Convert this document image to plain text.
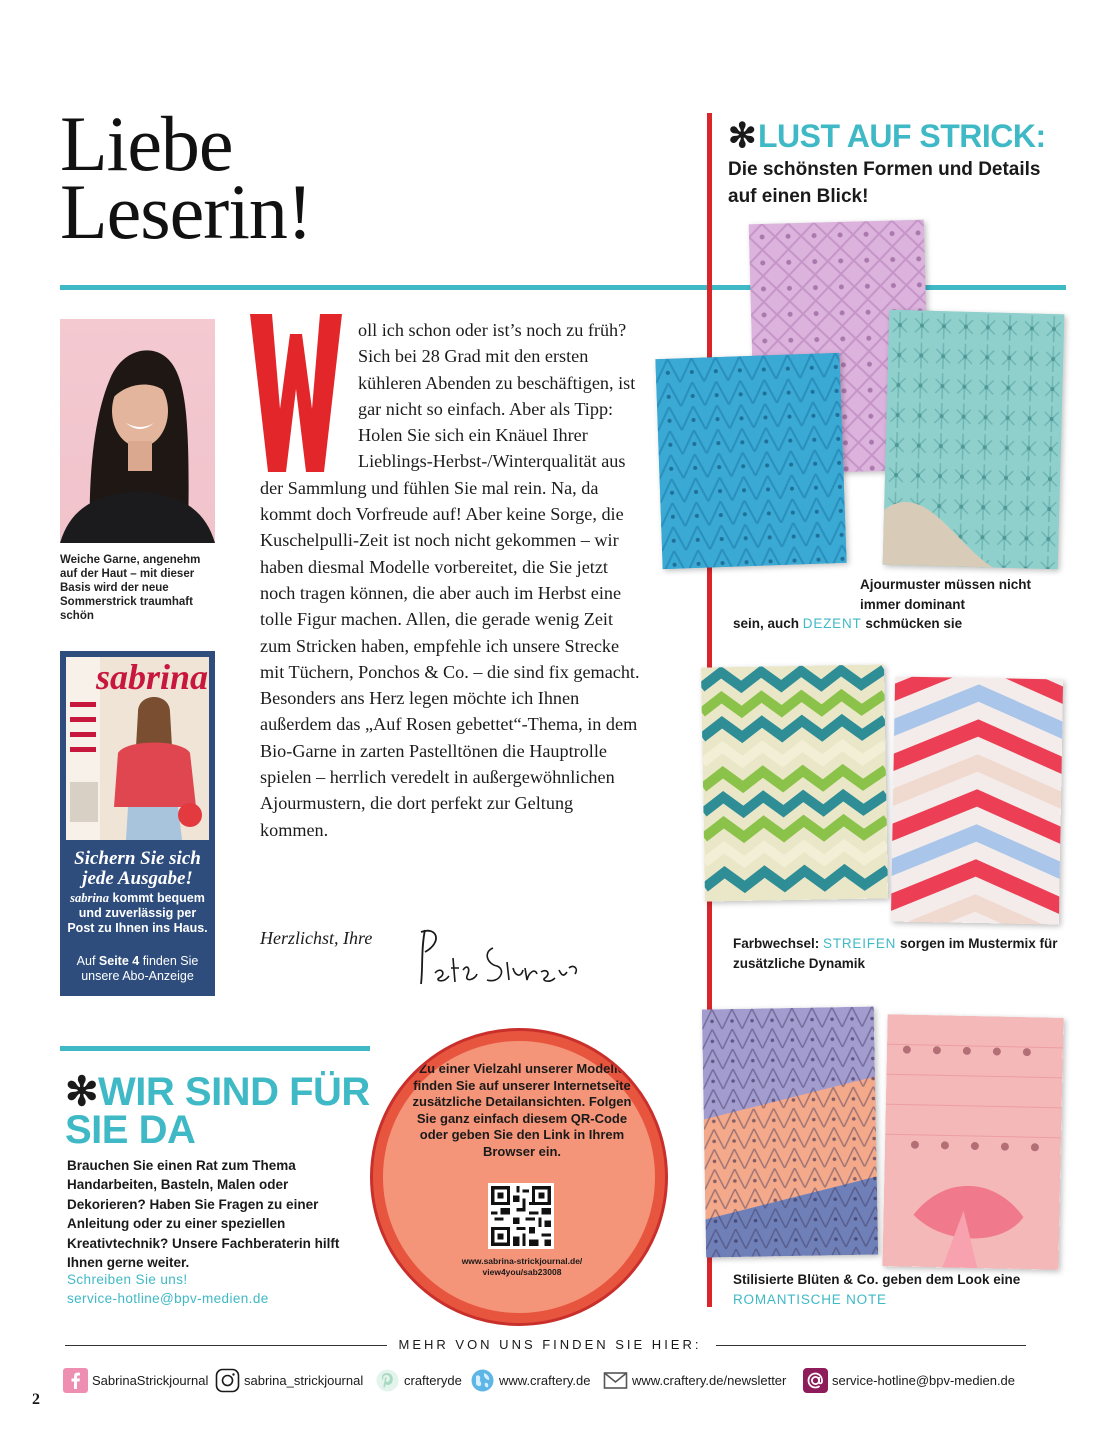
Liebe
Leserin!
✻LUST AUF STRICK:
Die schönsten Formen und Details auf einen Blick!
Weiche Garne, angenehm auf der Haut – mit dieser Basis wird der neue Sommerstrick traumhaft schön
sabrina
Sichern Sie sich jede Ausgabe!
sabrina kommt bequem und zuverlässig per Post zu Ihnen ins Haus.
Auf Seite 4 finden Sie unsere Abo-Anzeige

oll ich schon oder ist’s noch zu früh? Sich bei 28 Grad mit den ersten kühleren Abenden zu beschäftigen, ist gar nicht so einfach. Aber als Tipp: Holen Sie sich ein Knäuel Ihrer Lieblings-Herbst-/Winterqualität aus der Sammlung und fühlen Sie mal rein. Na, da kommt doch Vorfreude auf! Aber keine Sorge, die Kuschelpulli-Zeit ist noch nicht gekommen – wir haben diesmal Modelle vorbereitet, die Sie jetzt noch tragen können, die aber auch im Herbst eine tolle Figur machen. Allen, die gerade wenig Zeit zum Stricken haben, empfehle ich unsere Strecke mit Tüchern, Ponchos & Co. – die sind fix gemacht. Besonders ans Herz legen möchte ich Ihnen außerdem das „Auf Rosen gebettet“-Thema, in dem Bio-Garne in zarten Pastelltönen die Hauptrolle spielen – herrlich veredelt in außergewöhnlichen Ajourmustern, die dort perfekt zur Geltung kommen.

Herzlichst, Ihre
✻WIR SIND FÜR
SIE DA
Brauchen Sie einen Rat zum Thema Handarbeiten, Basteln, Malen oder Dekorieren? Haben Sie Fragen zu einer Anleitung oder zu einer speziellen Kreativtechnik? Unsere Fachberaterin hilft Ihnen gerne weiter.
Schreiben Sie uns!
service-hotline@bpv-medien.de
Zu einer Vielzahl unserer Modelle finden Sie auf unserer Internetseite zusätzliche Detailansichten. Folgen Sie ganz einfach diesem QR-Code oder geben Sie den Link in Ihrem Browser ein.
www.sabrina-strickjournal.de/ view4you/sab23008
Ajourmuster müssen nicht immer dominant
sein, auch DEZENT schmücken sie
Farbwechsel: STREIFEN sorgen im Mustermix für zusätzliche Dynamik
Stilisierte Blüten & Co. geben dem Look eine ROMANTISCHE NOTE
MEHR VON UNS FINDEN SIE HIER:
SabrinaStrickjournal	sabrina_strickjournal	crafteryde	www.craftery.de	www.craftery.de/newsletter	service-hotline@bpv-medien.de
2
